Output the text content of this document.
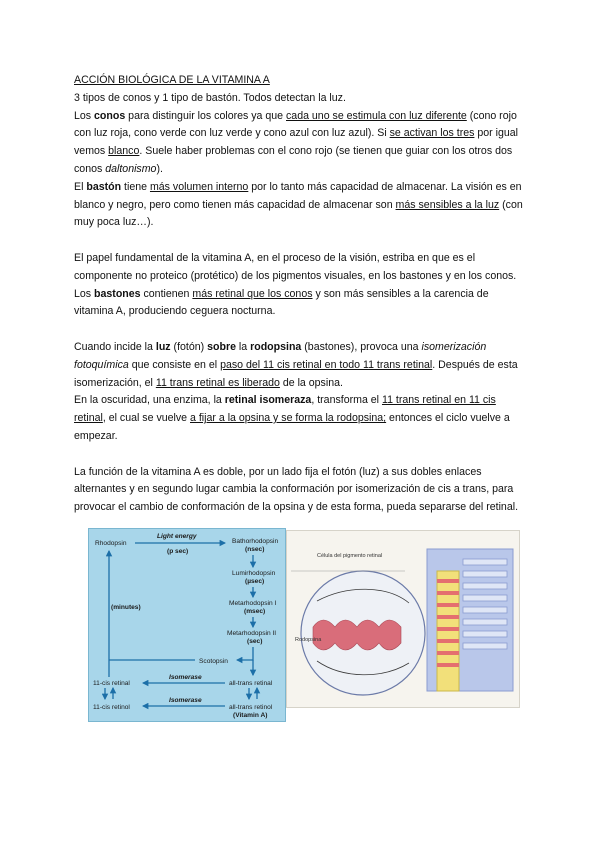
ACCIÓN BIOLÓGICA DE LA VITAMINA A

3 tipos de conos y 1 tipo de bastón. Todos detectan la luz.

Los conos para distinguir los colores ya que cada uno se estimula con luz diferente (cono rojo con luz roja, cono verde con luz verde y cono azul con luz azul). Si se activan los tres por igual vemos blanco. Suele haber problemas con el cono rojo (se tienen que guiar con los otros dos conos daltonismo).

El bastón tiene más volumen interno por lo tanto más capacidad de almacenar. La visión es en blanco y negro, pero como tienen más capacidad de almacenar son más sensibles a la luz (con muy poca luz…).

El papel fundamental de la vitamina A, en el proceso de la visión, estriba en que es el componente no proteico (protético) de los pigmentos visuales, en los bastones y en los conos. Los bastones contienen más retinal que los conos y son más sensibles a la carencia de vitamina A, produciendo ceguera nocturna.

Cuando incide la luz (fotón) sobre la rodopsina (bastones), provoca una isomerización fotoquímica que consiste en el paso del 11 cis retinal en todo 11 trans retinal. Después de esta isomerización, el 11 trans retinal es liberado de la opsina.

En la oscuridad, una enzima, la retinal isomeraza, transforma el 11 trans retinal en 11 cis retinal, el cual se vuelve a fijar a la opsina y se forma la rodopsina; entonces el ciclo vuelve a empezar.

La función de la vitamina A es doble, por un lado fija el fotón (luz) a sus dobles enlaces alternantes y en segundo lugar cambia la conformación por isomerización de cis a trans, para provocar el cambio de conformación de la opsina y de esta forma, pueda separarse del retinal.

Rhodopsin
Light energy
(p sec)
Bathorhodopsin
(nsec)
Lumirhodopsin
(µsec)
Metarhodopsin I
(msec)
Metarhodopsin II
(sec)
(minutes)
Scotopsin
11-cis retinal
Isomerase
all-trans retinal
11-cis retinol
Isomerase
all-trans retinol
(Vitamin A)
Célula del pigmento retinal
Rodopsina
